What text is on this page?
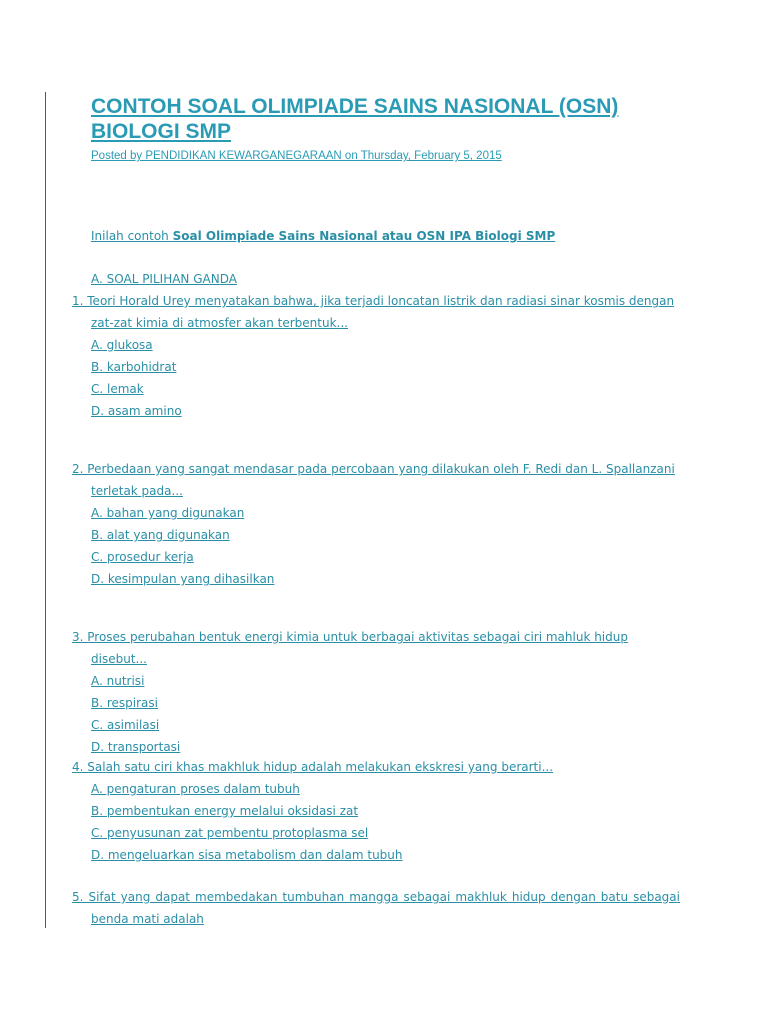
CONTOH SOAL OLIMPIADE SAINS NASIONAL (OSN) BIOLOGI SMP
Posted by PENDIDIKAN KEWARGANEGARAAN on Thursday, February 5, 2015
Inilah contoh Soal Olimpiade Sains Nasional atau OSN IPA Biologi SMP
A. SOAL PILIHAN GANDA
1. Teori Horald Urey menyatakan bahwa, jika terjadi loncatan listrik dan radiasi sinar kosmis dengan zat-zat kimia di atmosfer akan terbentuk...
A. glukosa
B. karbohidrat
C. lemak
D. asam amino
2. Perbedaan yang sangat mendasar pada percobaan yang dilakukan oleh F. Redi dan L. Spallanzani terletak pada...
A. bahan yang digunakan
B. alat yang digunakan
C. prosedur kerja
D. kesimpulan yang dihasilkan
3. Proses perubahan bentuk energi kimia untuk berbagai aktivitas sebagai ciri mahluk hidup disebut...
A. nutrisi
B. respirasi
C. asimilasi
D. transportasi
4. Salah satu ciri khas makhluk hidup adalah melakukan ekskresi yang berarti...
A. pengaturan proses dalam tubuh
B. pembentukan energy melalui oksidasi zat
C. penyusunan zat pembentu protoplasma sel
D. mengeluarkan sisa metabolism dan dalam tubuh
5. Sifat yang dapat membedakan tumbuhan mangga sebagai makhluk hidup dengan batu sebagai benda mati adalah
